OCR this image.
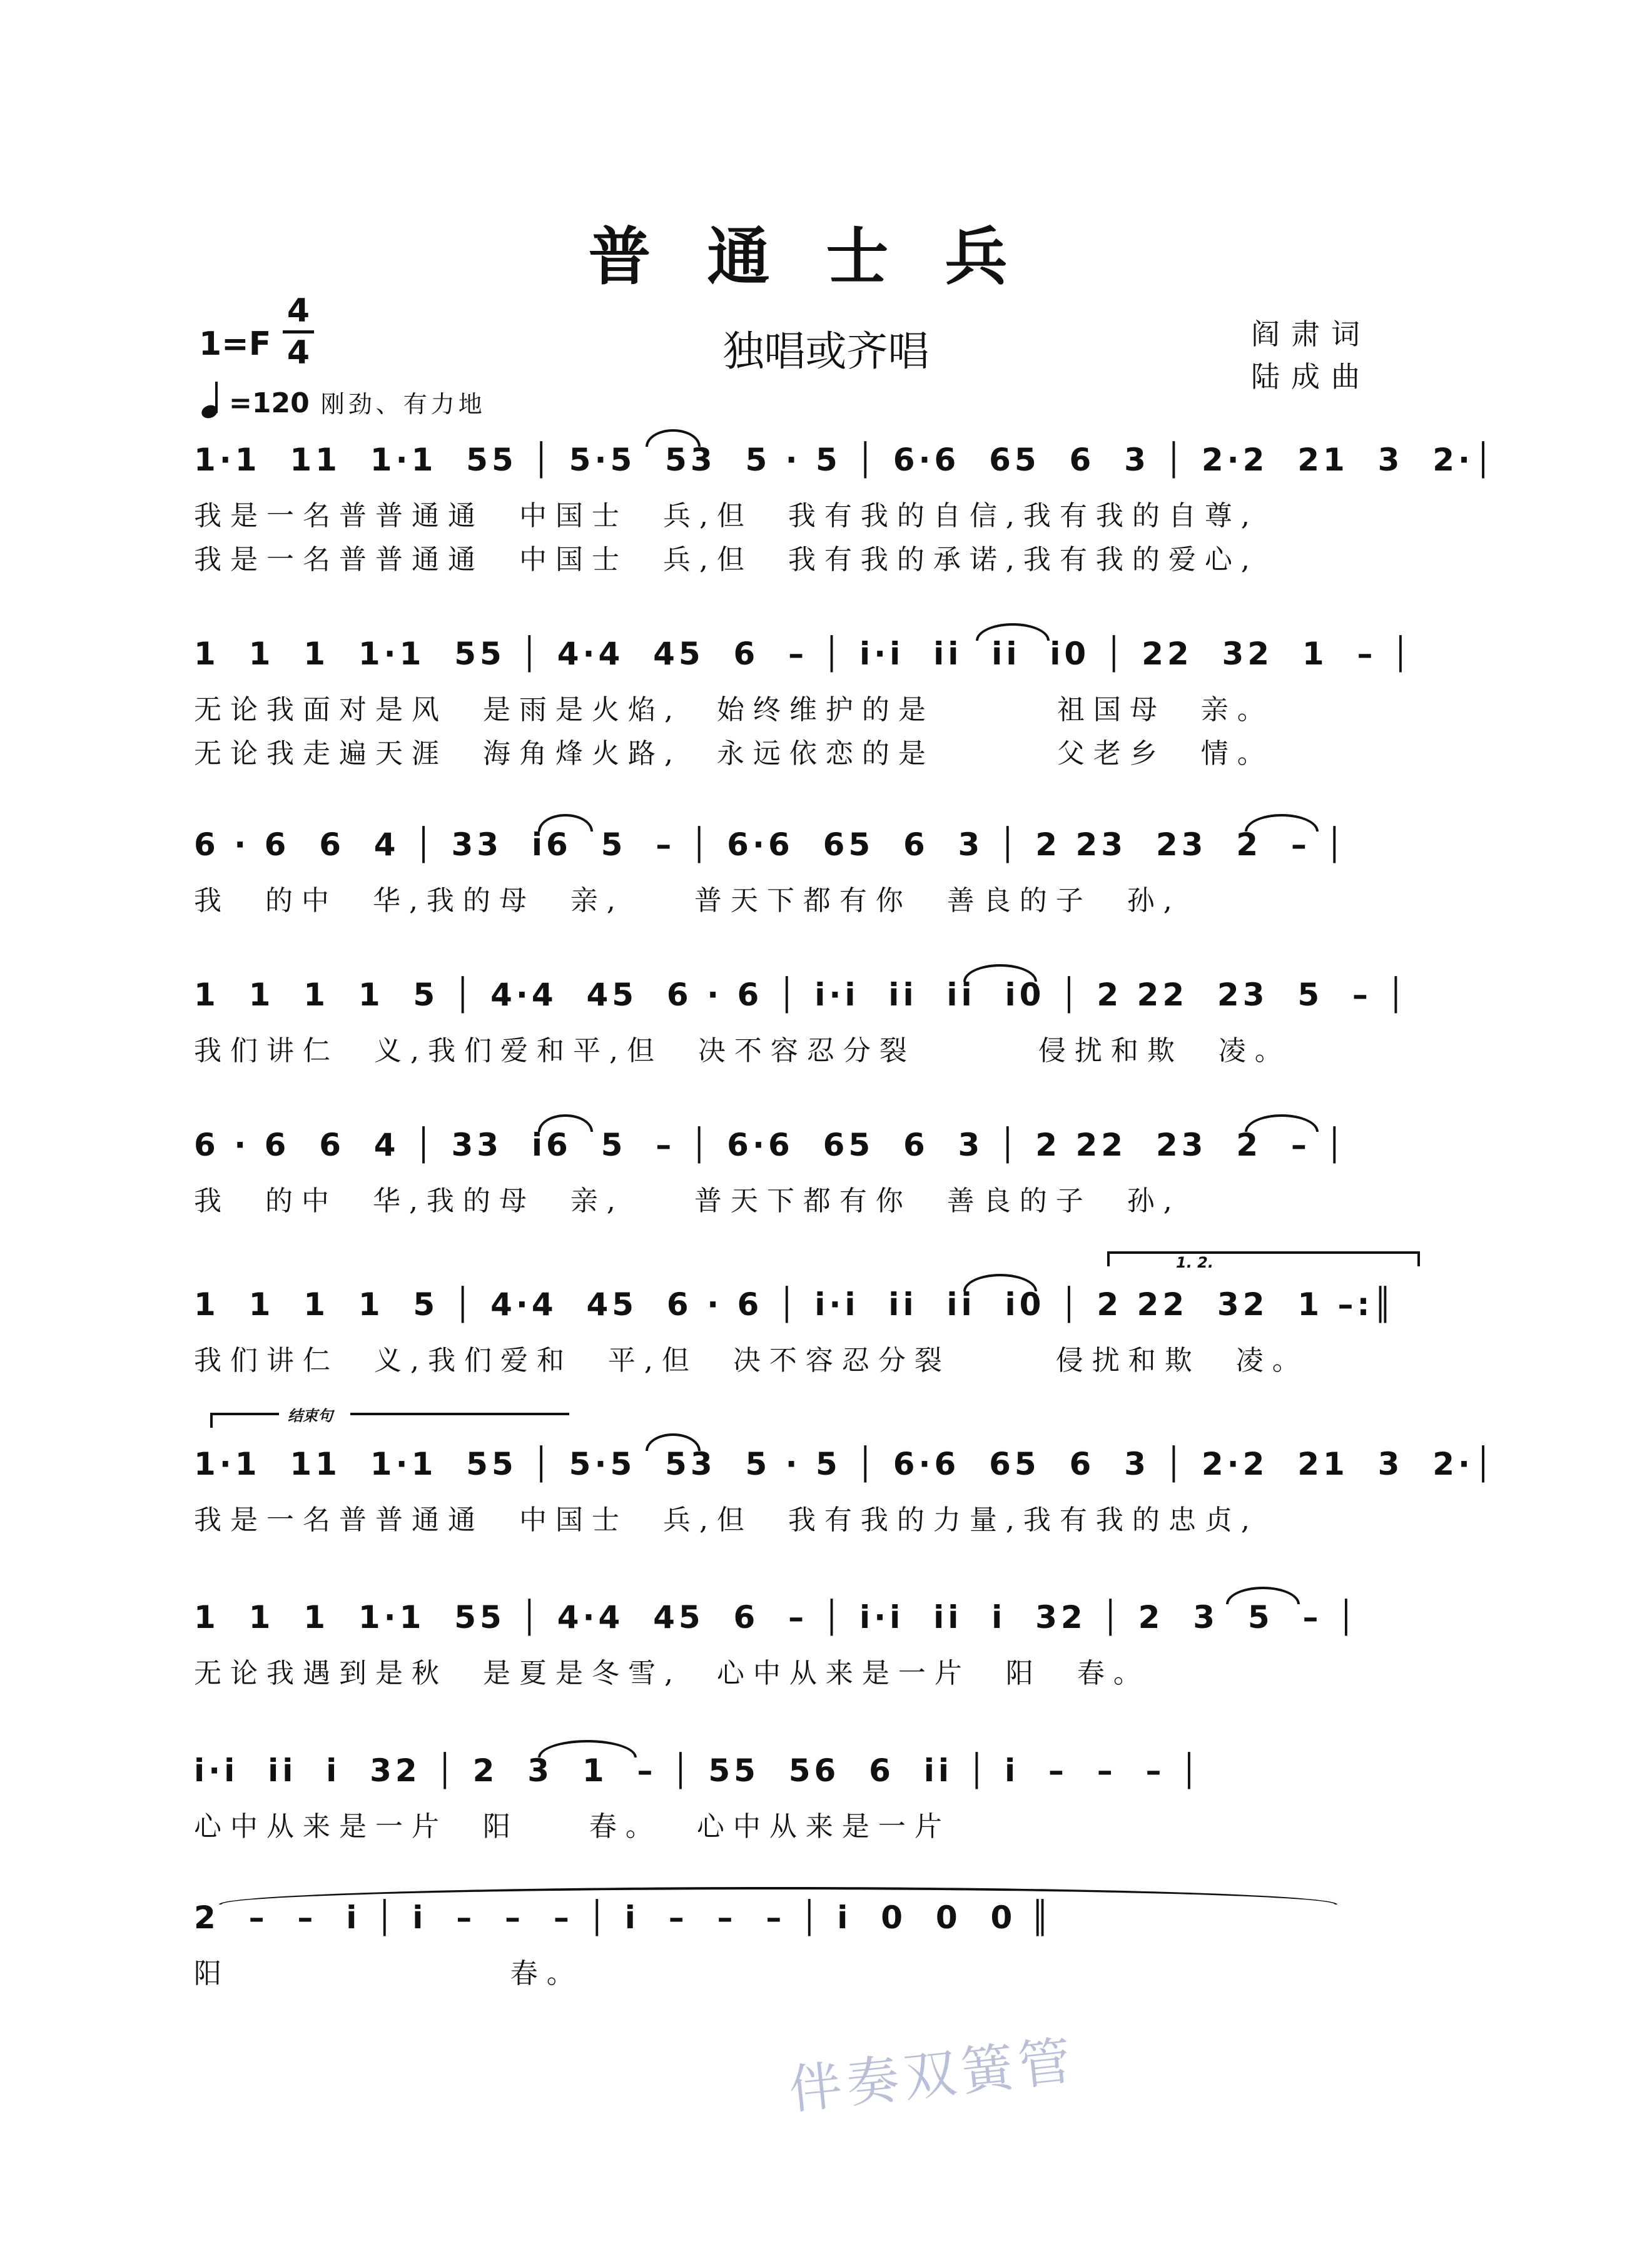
普通士兵
1=F
4
4	独唱或齐唱	阎肃词
陆成曲
=120 刚劲、有力地

1·1  11  1·1  55 │ 5·5  53  5 · 5 │ 6·6  65  6  3 │ 2·2  21  3  2·│

我是一名普普通通  中国士  兵,但  我有我的自信,我有我的自尊,
我是一名普普通通  中国士  兵,但  我有我的承诺,我有我的爱心,

1  1  1  1·1  55 │ 4·4  45  6  – │ i·i  ii  ii  i0 │ 22  32  1  – │

无论我面对是风  是雨是火焰,  始终维护的是       祖国母  亲。
无论我走遍天涯  海角烽火路,  永远依恋的是       父老乡  情。

6 · 6  6  4 │ 33  i6  5  – │ 6·6  65  6  3 │ 2 23  23  2  – │

我  的中  华,我的母  亲,    普天下都有你  善良的子  孙,

1  1  1  1  5 │ 4·4  45  6 · 6 │ i·i  ii  ii  i0 │ 2 22  23  5  – │

我们讲仁  义,我们爱和平,但  决不容忍分裂       侵扰和欺  凌。

6 · 6  6  4 │ 33  i6  5  – │ 6·6  65  6  3 │ 2 22  23  2  – │

我  的中  华,我的母  亲,    普天下都有你  善良的子  孙,
1. 2.

1  1  1  1  5 │ 4·4  45  6 · 6 │ i·i  ii  ii  i0 │ 2 22  32  1 –:║

我们讲仁  义,我们爱和  平,但  决不容忍分裂      侵扰和欺  凌。
结束句

1·1  11  1·1  55 │ 5·5  53  5 · 5 │ 6·6  65  6  3 │ 2·2  21  3  2·│

我是一名普普通通  中国士  兵,但  我有我的力量,我有我的忠贞,

1  1  1  1·1  55 │ 4·4  45  6  – │ i·i  ii  i  32 │ 2  3  5  – │

无论我遇到是秋  是夏是冬雪,  心中从来是一片  阳  春。

i·i  ii  i  32 │ 2  3  1  – │ 55  56  6  ii │ i  –  –  – │

心中从来是一片  阳    春。  心中从来是一片

2  –  –  i │ i  –  –  – │ i  –  –  – │ i  0  0  0 ║

阳                春。
伴奏双簧管
